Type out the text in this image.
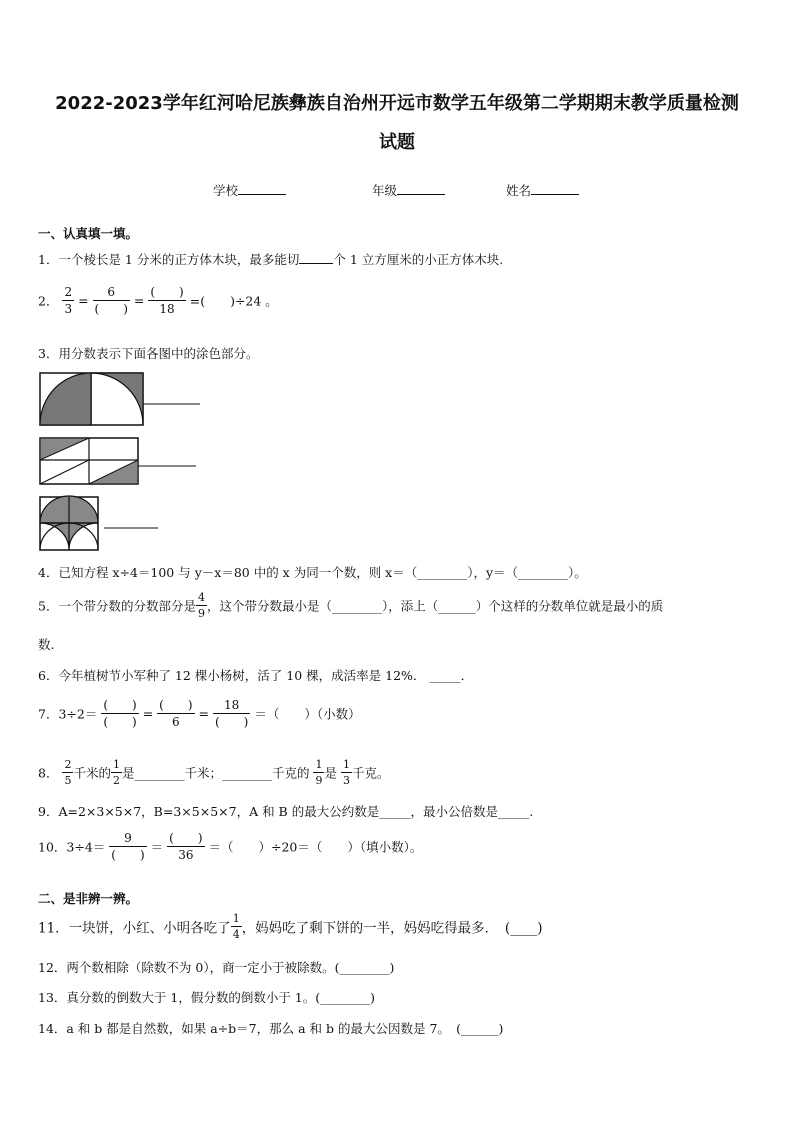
2022-2023学年红河哈尼族彝族自治州开远市数学五年级第二学期期末教学质量检测
试题
学校	年级	姓名
一、认真填一填。
1．一个棱长是 1 分米的正方体木块，最多能切	个 1 立方厘米的小正方体木块.
2． $\frac{2}{3} = \frac{6}{( )} = \frac{( )}{18}$ =(　　)÷24 。
3．用分数表示下面各图中的涂色部分。
4．已知方程 x÷4＝100 与 y－x＝80 中的 x 为同一个数，则 x＝（________），y＝（________）。
5．一个带分数的分数部分是 $\frac{4}{9}$ ，这个带分数最小是（________），添上（______）个这样的分数单位就是最小的质
数.
6．今年植树节小军种了 12 棵小杨树，活了 10 棵，成活率是 12%． _____．
7．$3\div 2= \frac{( )}{( )} = \frac{( )}{6} = \frac{18}{( )}$ ＝（　　）（小数）
8． $\frac{2}{5}$ 千米的 $\frac{1}{2}$ 是________千米；________千克的 $\frac{1}{9}$ 是 $\frac{1}{3}$ 千克。
9．A=2×3×5×7，B=3×5×5×7，A 和 B 的最大公约数是_____，最小公倍数是_____.
10．$3\div 4= \frac{9}{( )} = \frac{( )}{36}$ ＝（　　）÷20＝（　　）（填小数）。
二、是非辨一辨。
11．一块饼，小红、小明各吃了 $\frac{1}{4}$ ，妈妈吃了剩下饼的一半，妈妈吃得最多．　(____)
12．两个数相除（除数不为 0），商一定小于被除数。(________)
13．真分数的倒数大于 1，假分数的倒数小于 1。(________)
14．a 和 b 都是自然数，如果 a÷b＝7，那么 a 和 b 的最大公因数是 7。　(______)
